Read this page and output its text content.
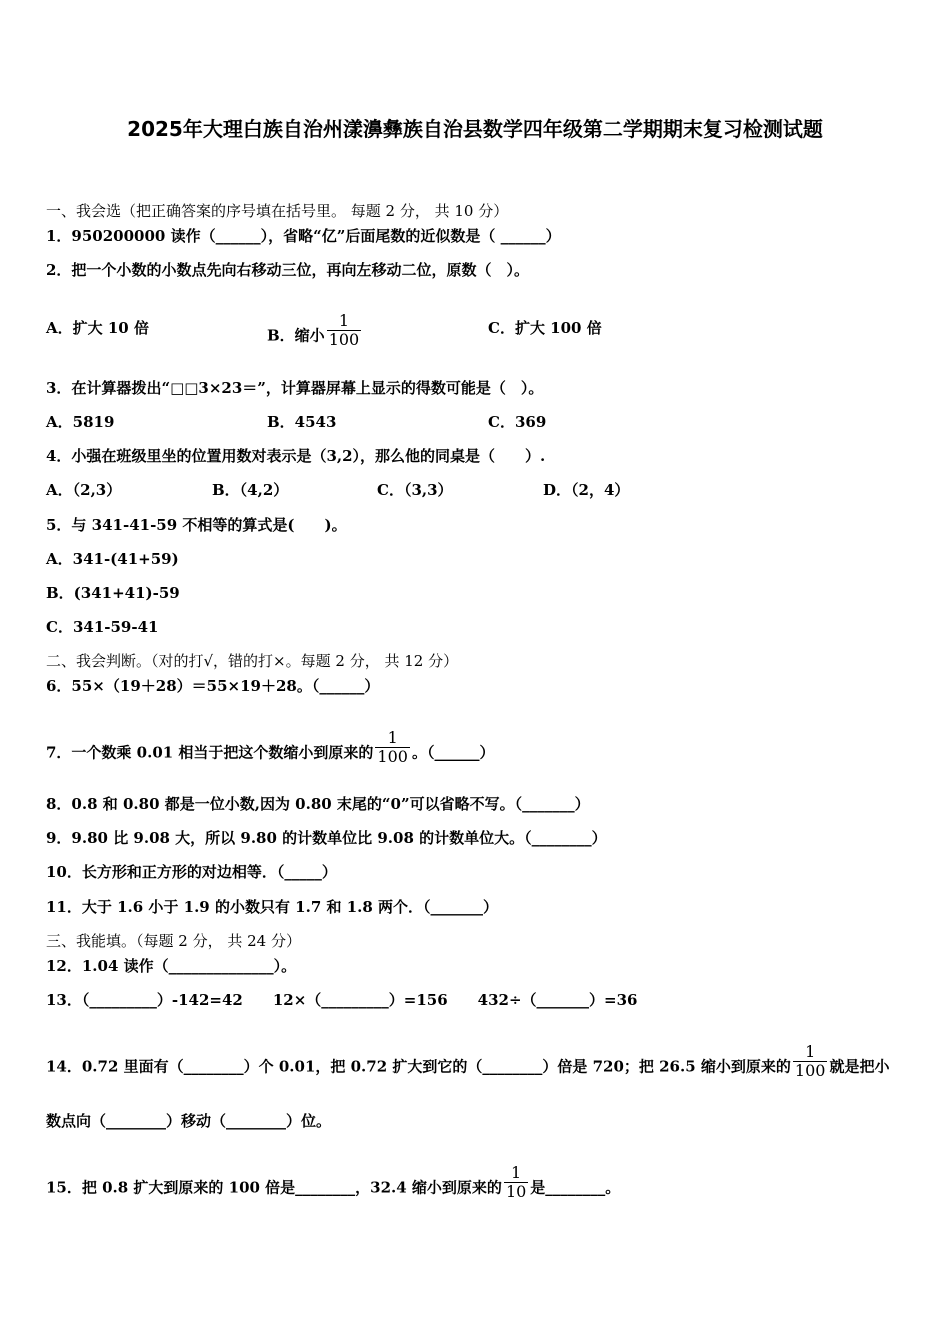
2025年大理白族自治州漾濞彝族自治县数学四年级第二学期期末复习检测试题
一、我会选（把正确答案的序号填在括号里。 每题 2 分， 共 10 分）
1．950200000 读作（______），省略“亿”后面尾数的近似数是（ ______）
2．把一个小数的小数点先向右移动三位，再向左移动二位，原数（　）。
A．扩大 10 倍	B．缩小 $\frac{1}{100}$	C．扩大 100 倍
3．在计算器拨出“□□3×23＝”，计算器屏幕上显示的得数可能是（　）。
A．5819	B．4543	C．369
4．小强在班级里坐的位置用数对表示是（3,2），那么他的同桌是（　　）.
A．（2,3）	B．（4,2）	C．（3,3）	D．（2，4）
5．与 341-41-59 不相等的算式是(　　)。
A．341-(41+59)
B．(341+41)-59
C．341-59-41
二、我会判断。（对的打√，错的打×。每题 2 分， 共 12 分）
6．55×（19＋28）＝55×19＋28。（______）
7．一个数乘 0.01 相当于把这个数缩小到原来的 $\frac{1}{100}$ 。（______）
8．0.8 和 0.80 都是一位小数,因为 0.80 末尾的“0”可以省略不写。（_______）
9．9.80 比 9.08 大，所以 9.80 的计数单位比 9.08 的计数单位大。（________）
10．长方形和正方形的对边相等．（_____）
11．大于 1.6 小于 1.9 的小数只有 1.7 和 1.8 两个．（_______）
三、我能填。（每题 2 分， 共 24 分）
12．1.04 读作（______________）。
13．（_________）-142=42　　12×（_________）=156　　432÷（_______）=36
14．0.72 里面有（________）个 0.01，把 0.72 扩大到它的（________）倍是 720；把 26.5 缩小到原来的 $\frac{1}{100}$ 就是把小
数点向（________）移动（________）位。
15．把 0.8 扩大到原来的 100 倍是________，32.4 缩小到原来的 $\frac{1}{10}$ 是________。
